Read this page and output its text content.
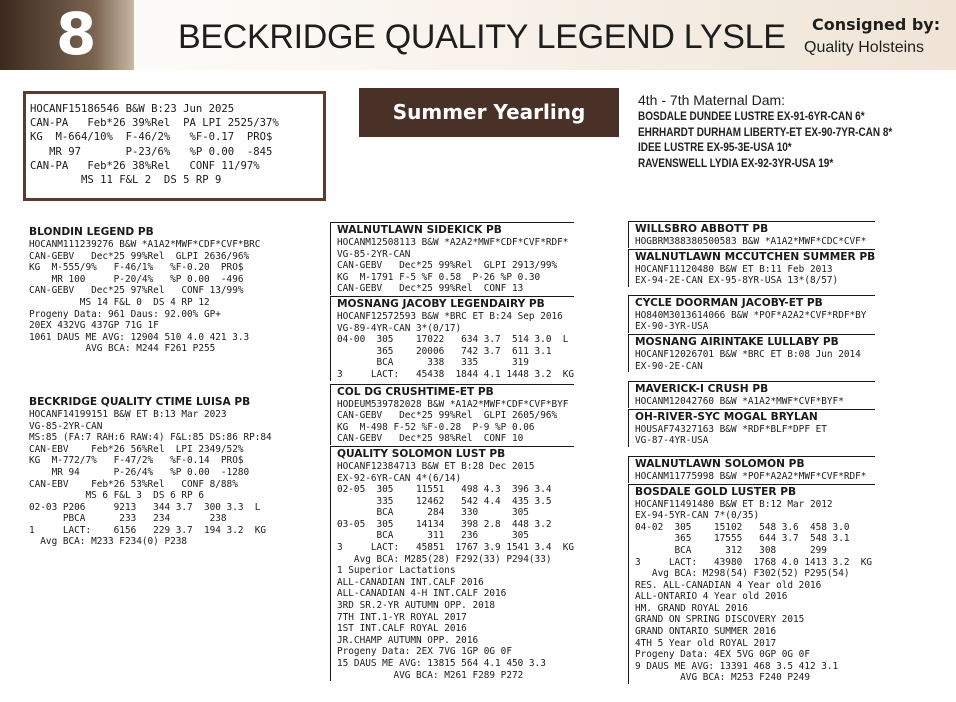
8 BECKRIDGE QUALITY LEGEND LYSLE Consigned by:
Quality Holsteins
HOCANF15186546 B&W B:23 Jun 2025
CAN-PA   Feb*26 39%Rel  PA LPI 2525/37%
KG  M-664/10%  F-46/2%   %F-0.17  PRO$
MR 97       P-23/6%   %P 0.00  -845
CAN-PA   Feb*26 38%Rel   CONF 11/97%
MS 11 F&L 2  DS 5 RP 9
Summer Yearling	4th - 7th Maternal Dam:
BOSDALE DUNDEE LUSTRE EX-91-6YR-CAN 6*
EHRHARDT DURHAM LIBERTY-ET EX-90-7YR-CAN 8*
IDEE LUSTRE EX-95-3E-USA 10*
RAVENSWELL LYDIA EX-92-3YR-USA 19*
BLONDIN LEGEND PB
HOCANM111239276 B&W *A1A2*MWF*CDF*CVF*BRC
CAN-GEBV   Dec*25 99%Rel  GLPI 2636/96%
KG  M-555/9%   F-46/1%   %F-0.20  PRO$
MR 100     P-20/4%   %P 0.00  -496
CAN-GEBV   Dec*25 97%Rel   CONF 13/99%
MS 14 F&L 0  DS 4 RP 12
Progeny Data: 961 Daus: 92.00% GP+
20EX 432VG 437GP 71G 1F
1061 DAUS ME AVG: 12904 510 4.0 421 3.3
AVG BCA: M244 F261 P255
BECKRIDGE QUALITY CTIME LUISA PB
HOCANF14199151 B&W ET B:13 Mar 2023
VG-85-2YR-CAN
MS:85 (FA:7 RAH:6 RAW:4) F&L:85 DS:86 RP:84
CAN-EBV    Feb*26 56%Rel  LPI 2349/52%
KG  M-772/7%   F-47/2%   %F-0.14  PRO$
MR 94      P-26/4%   %P 0.00  -1280
CAN-EBV    Feb*26 53%Rel   CONF 8/88%
MS 6 F&L 3  DS 6 RP 6
02-03 P206     9213   344 3.7  300 3.3  L
PBCA      233   234       238
1     LACT:    6156   229 3.7  194 3.2  KG
Avg BCA: M233 F234(0) P238
WALNUTLAWN SIDEKICK PB
HOCANM12508113 B&W *A2A2*MWF*CDF*CVF*RDF*
VG-85-2YR-CAN
CAN-GEBV   Dec*25 99%Rel  GLPI 2913/99%
KG  M-1791 F-5 %F 0.58  P-26 %P 0.30
CAN-GEBV   Dec*25 99%Rel  CONF 13
MOSNANG JACOBY LEGENDAIRY PB
HOCANF12572593 B&W *BRC ET B:24 Sep 2016
VG-89-4YR-CAN 3*(0/17)
04-00  305    17022   634 3.7  514 3.0  L
365    20006   742 3.7  611 3.1
BCA      338   335      319
3     LACT:   45438  1844 4.1 1448 3.2  KG
COL DG CRUSHTIME-ET PB
HODEUM539782028 B&W *A1A2*MWF*CDF*CVF*BYF
CAN-GEBV   Dec*25 99%Rel  GLPI 2605/96%
KG  M-498 F-52 %F-0.28  P-9 %P 0.06
CAN-GEBV   Dec*25 98%Rel  CONF 10
QUALITY SOLOMON LUST PB
HOCANF12384713 B&W ET B:28 Dec 2015
EX-92-6YR-CAN 4*(6/14)
02-05  305    11551   498 4.3  396 3.4
335    12462   542 4.4  435 3.5
BCA      284   330      305
03-05  305    14134   398 2.8  448 3.2
BCA      311   236      305
3     LACT:   45851  1767 3.9 1541 3.4  KG
Avg BCA: M285(28) F292(33) P294(33)
1 Superior Lactations
ALL-CANADIAN INT.CALF 2016
ALL-CANADIAN 4-H INT.CALF 2016
3RD SR.2-YR AUTUMN OPP. 2018
7TH INT.1-YR ROYAL 2017
1ST INT.CALF ROYAL 2016
JR.CHAMP AUTUMN OPP. 2016
Progeny Data: 2EX 7VG 1GP 0G 0F
15 DAUS ME AVG: 13815 564 4.1 450 3.3
AVG BCA: M261 F289 P272
WILLSBRO ABBOTT PB
HOGBRM388380500583 B&W *A1A2*MWF*CDC*CVF*
WALNUTLAWN MCCUTCHEN SUMMER PB
HOCANF11120480 B&W ET B:11 Feb 2013
EX-94-2E-CAN EX-95-8YR-USA 13*(8/57)
CYCLE DOORMAN JACOBY-ET PB
HO840M3013614066 B&W *POF*A2A2*CVF*RDF*BY
EX-90-3YR-USA
MOSNANG AIRINTAKE LULLABY PB
HOCANF12026701 B&W *BRC ET B:08 Jun 2014
EX-90-2E-CAN
MAVERICK-I CRUSH PB
HOCANM12042760 B&W *A1A2*MWF*CVF*BYF*
OH-RIVER-SYC MOGAL BRYLAN
HOUSAF74327163 B&W *RDF*BLF*DPF ET
VG-87-4YR-USA
WALNUTLAWN SOLOMON PB
HOCANM11775998 B&W *POF*A2A2*MWF*CVF*RDF*
BOSDALE GOLD LUSTER PB
HOCANF11491480 B&W ET B:12 Mar 2012
EX-94-5YR-CAN 7*(0/35)
04-02  305    15102   548 3.6  458 3.0
365    17555   644 3.7  548 3.1
BCA      312   308      299
3     LACT:   43980  1768 4.0 1413 3.2  KG
Avg BCA: M298(54) F302(52) P295(54)
RES. ALL-CANADIAN 4 Year old 2016
ALL-ONTARIO 4 Year old 2016
HM. GRAND ROYAL 2016
GRAND ON SPRING DISCOVERY 2015
GRAND ONTARIO SUMMER 2016
4TH 5 Year old ROYAL 2017
Progeny Data: 4EX 5VG 0GP 0G 0F
9 DAUS ME AVG: 13391 468 3.5 412 3.1
AVG BCA: M253 F240 P249
